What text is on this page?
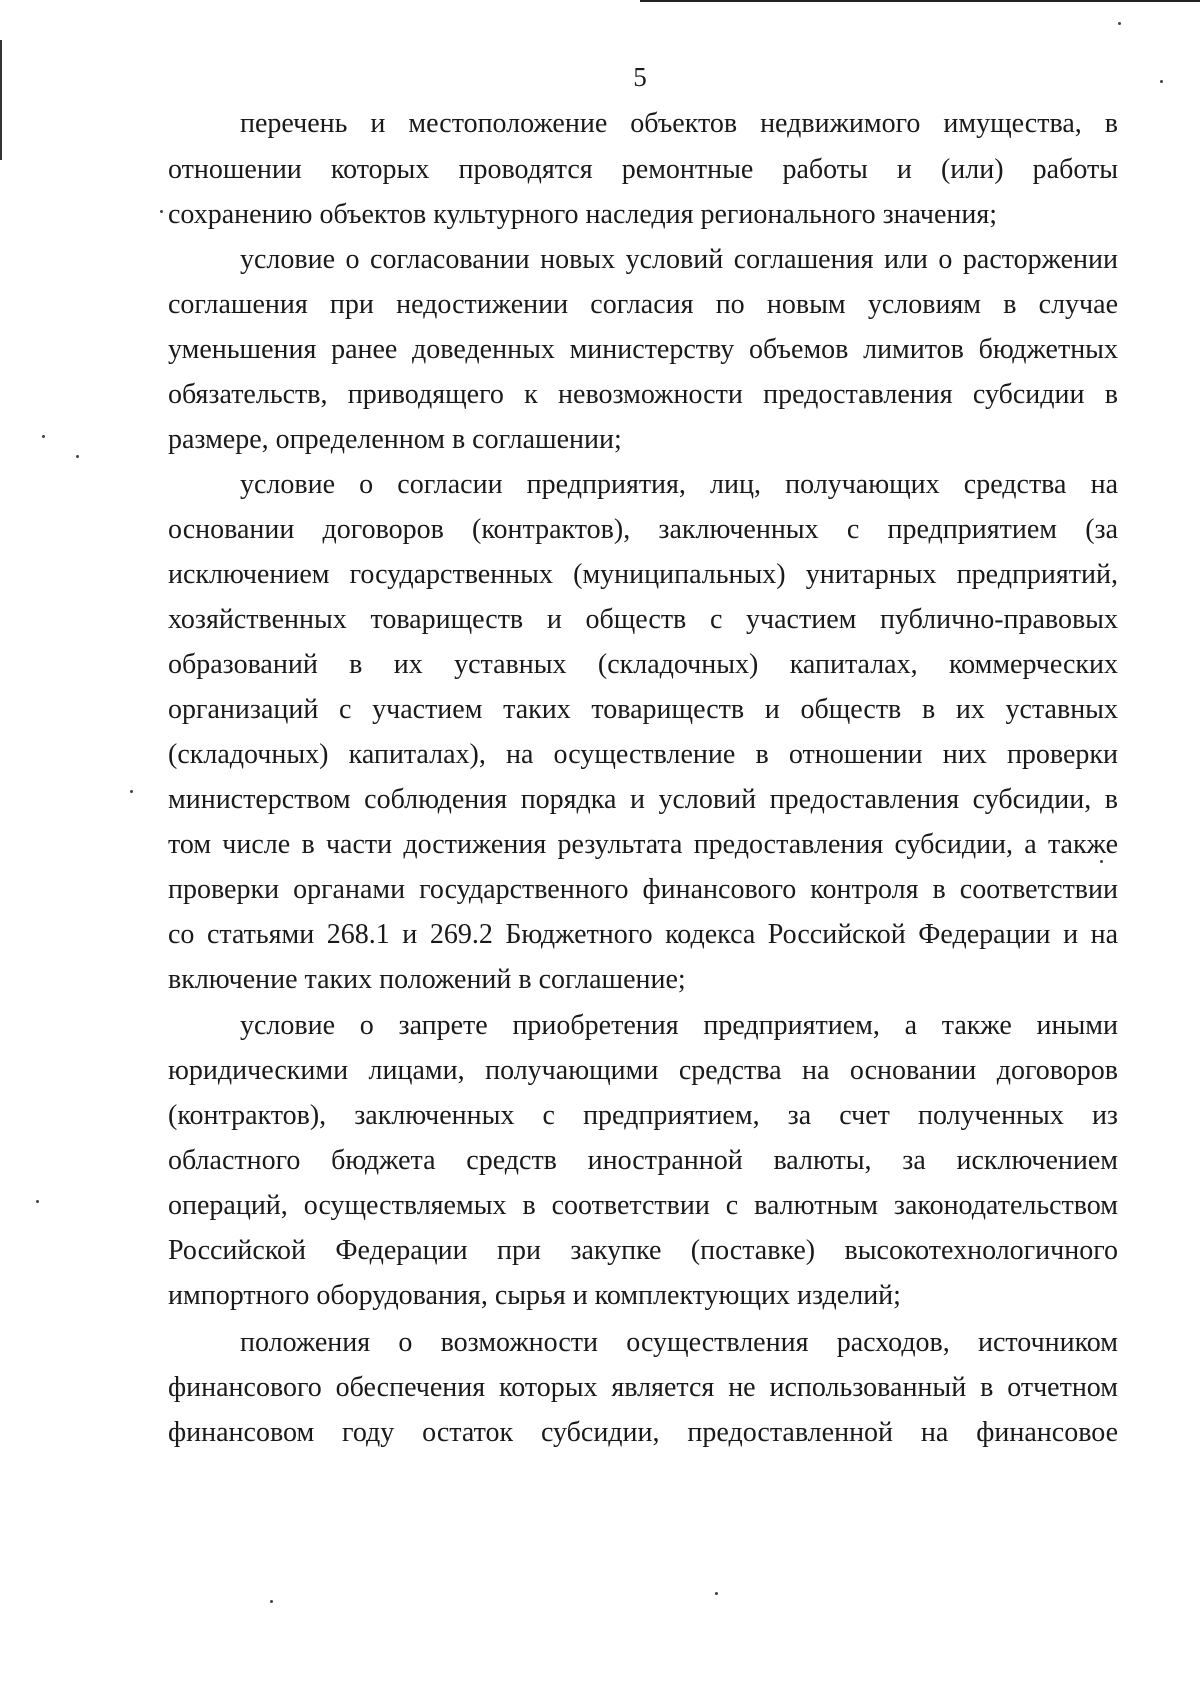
5
перечень и местоположение объектов недвижимого имущества, в
отношении которых проводятся ремонтные работы и (или) работы
сохранению объектов культурного наследия регионального значения;
условие о согласовании новых условий соглашения или о расторжении
соглашения при недостижении согласия по новым условиям в случае
уменьшения ранее доведенных министерству объемов лимитов бюджетных
обязательств, приводящего к невозможности предоставления субсидии в
размере, определенном в соглашении;
условие о согласии предприятия, лиц, получающих средства на
основании договоров (контрактов), заключенных с предприятием (за
исключением государственных (муниципальных) унитарных предприятий,
хозяйственных товариществ и обществ с участием публично-правовых
образований в их уставных (складочных) капиталах, коммерческих
организаций с участием таких товариществ и обществ в их уставных
(складочных) капиталах), на осуществление в отношении них проверки
министерством соблюдения порядка и условий предоставления субсидии, в
том числе в части достижения результата предоставления субсидии, а также
проверки органами государственного финансового контроля в соответствии
со статьями 268.1 и 269.2 Бюджетного кодекса Российской Федерации и на
включение таких положений в соглашение;
условие о запрете приобретения предприятием, а также иными
юридическими лицами, получающими средства на основании договоров
(контрактов), заключенных с предприятием, за счет полученных из
областного бюджета средств иностранной валюты, за исключением
операций, осуществляемых в соответствии с валютным законодательством
Российской Федерации при закупке (поставке) высокотехнологичного
импортного оборудования, сырья и комплектующих изделий;
положения о возможности осуществления расходов, источником
финансового обеспечения которых является не использованный в отчетном
финансовом году остаток субсидии, предоставленной на финансовое
